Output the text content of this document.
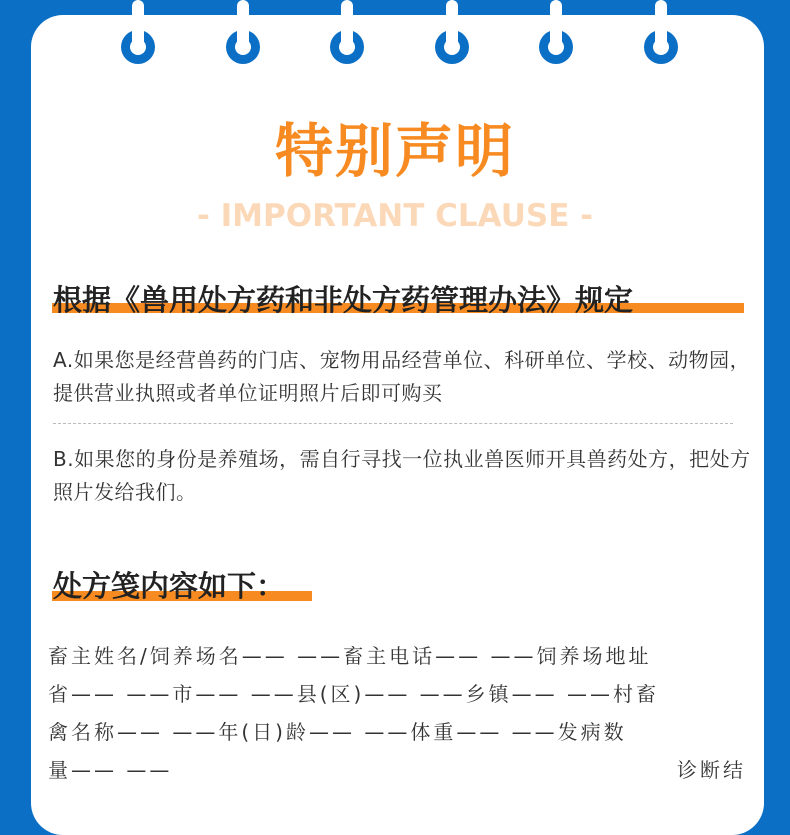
特别声明
- IMPORTANT CLAUSE -
根据《兽用处方药和非处方药管理办法》规定
A.如果您是经营兽药的门店、宠物用品经营单位、科研单位、学校、动物园，提供营业执照或者单位证明照片后即可购买
B.如果您的身份是养殖场，需自行寻找一位执业兽医师开具兽药处方，把处方照片发给我们。
处方笺内容如下：
畜主姓名/饲养场名—— ——畜主电话—— ——饲养场地址
省—— ——市—— ——县(区)—— ——乡镇—— ——村畜
禽名称—— ——年(日)龄—— ——体重—— ——发病数
量—— ——	诊断结
